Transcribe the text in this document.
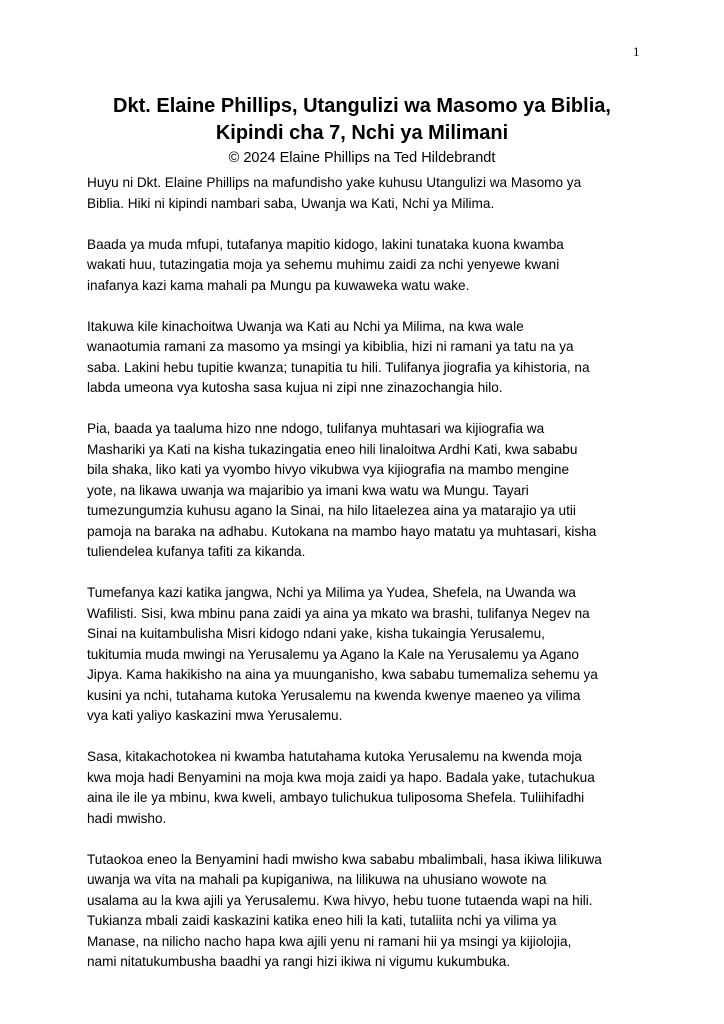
1
Dkt. Elaine Phillips, Utangulizi wa Masomo ya Biblia,
Kipindi cha 7, Nchi ya Milimani
© 2024 Elaine Phillips na Ted Hildebrandt

Huyu ni Dkt. Elaine Phillips na mafundisho yake kuhusu Utangulizi wa Masomo ya
Biblia. Hiki ni kipindi nambari saba, Uwanja wa Kati, Nchi ya Milima.

Baada ya muda mfupi, tutafanya mapitio kidogo, lakini tunataka kuona kwamba
wakati huu, tutazingatia moja ya sehemu muhimu zaidi za nchi yenyewe kwani
inafanya kazi kama mahali pa Mungu pa kuwaweka watu wake.

Itakuwa kile kinachoitwa Uwanja wa Kati au Nchi ya Milima, na kwa wale
wanaotumia ramani za masomo ya msingi ya kibiblia, hizi ni ramani ya tatu na ya
saba. Lakini hebu tupitie kwanza; tunapitia tu hili. Tulifanya jiografia ya kihistoria, na
labda umeona vya kutosha sasa kujua ni zipi nne zinazochangia hilo.

Pia, baada ya taaluma hizo nne ndogo, tulifanya muhtasari wa kijiografia wa
Mashariki ya Kati na kisha tukazingatia eneo hili linaloitwa Ardhi Kati, kwa sababu
bila shaka, liko kati ya vyombo hivyo vikubwa vya kijiografia na mambo mengine
yote, na likawa uwanja wa majaribio ya imani kwa watu wa Mungu. Tayari
tumezungumzia kuhusu agano la Sinai, na hilo litaelezea aina ya matarajio ya utii
pamoja na baraka na adhabu. Kutokana na mambo hayo matatu ya muhtasari, kisha
tuliendelea kufanya tafiti za kikanda.

Tumefanya kazi katika jangwa, Nchi ya Milima ya Yudea, Shefela, na Uwanda wa
Wafilisti. Sisi, kwa mbinu pana zaidi ya aina ya mkato wa brashi, tulifanya Negev na
Sinai na kuitambulisha Misri kidogo ndani yake, kisha tukaingia Yerusalemu,
tukitumia muda mwingi na Yerusalemu ya Agano la Kale na Yerusalemu ya Agano
Jipya. Kama hakikisho na aina ya muunganisho, kwa sababu tumemaliza sehemu ya
kusini ya nchi, tutahama kutoka Yerusalemu na kwenda kwenye maeneo ya vilima
vya kati yaliyo kaskazini mwa Yerusalemu.

Sasa, kitakachotokea ni kwamba hatutahama kutoka Yerusalemu na kwenda moja
kwa moja hadi Benyamini na moja kwa moja zaidi ya hapo. Badala yake, tutachukua
aina ile ile ya mbinu, kwa kweli, ambayo tulichukua tuliposoma Shefela. Tuliihifadhi
hadi mwisho.

Tutaokoa eneo la Benyamini hadi mwisho kwa sababu mbalimbali, hasa ikiwa lilikuwa
uwanja wa vita na mahali pa kupiganiwa, na lilikuwa na uhusiano wowote na
usalama au la kwa ajili ya Yerusalemu. Kwa hivyo, hebu tuone tutaenda wapi na hili.
Tukianza mbali zaidi kaskazini katika eneo hili la kati, tutaliita nchi ya vilima ya
Manase, na nilicho nacho hapa kwa ajili yenu ni ramani hii ya msingi ya kijiolojia,
nami nitatukumbusha baadhi ya rangi hizi ikiwa ni vigumu kukumbuka.
